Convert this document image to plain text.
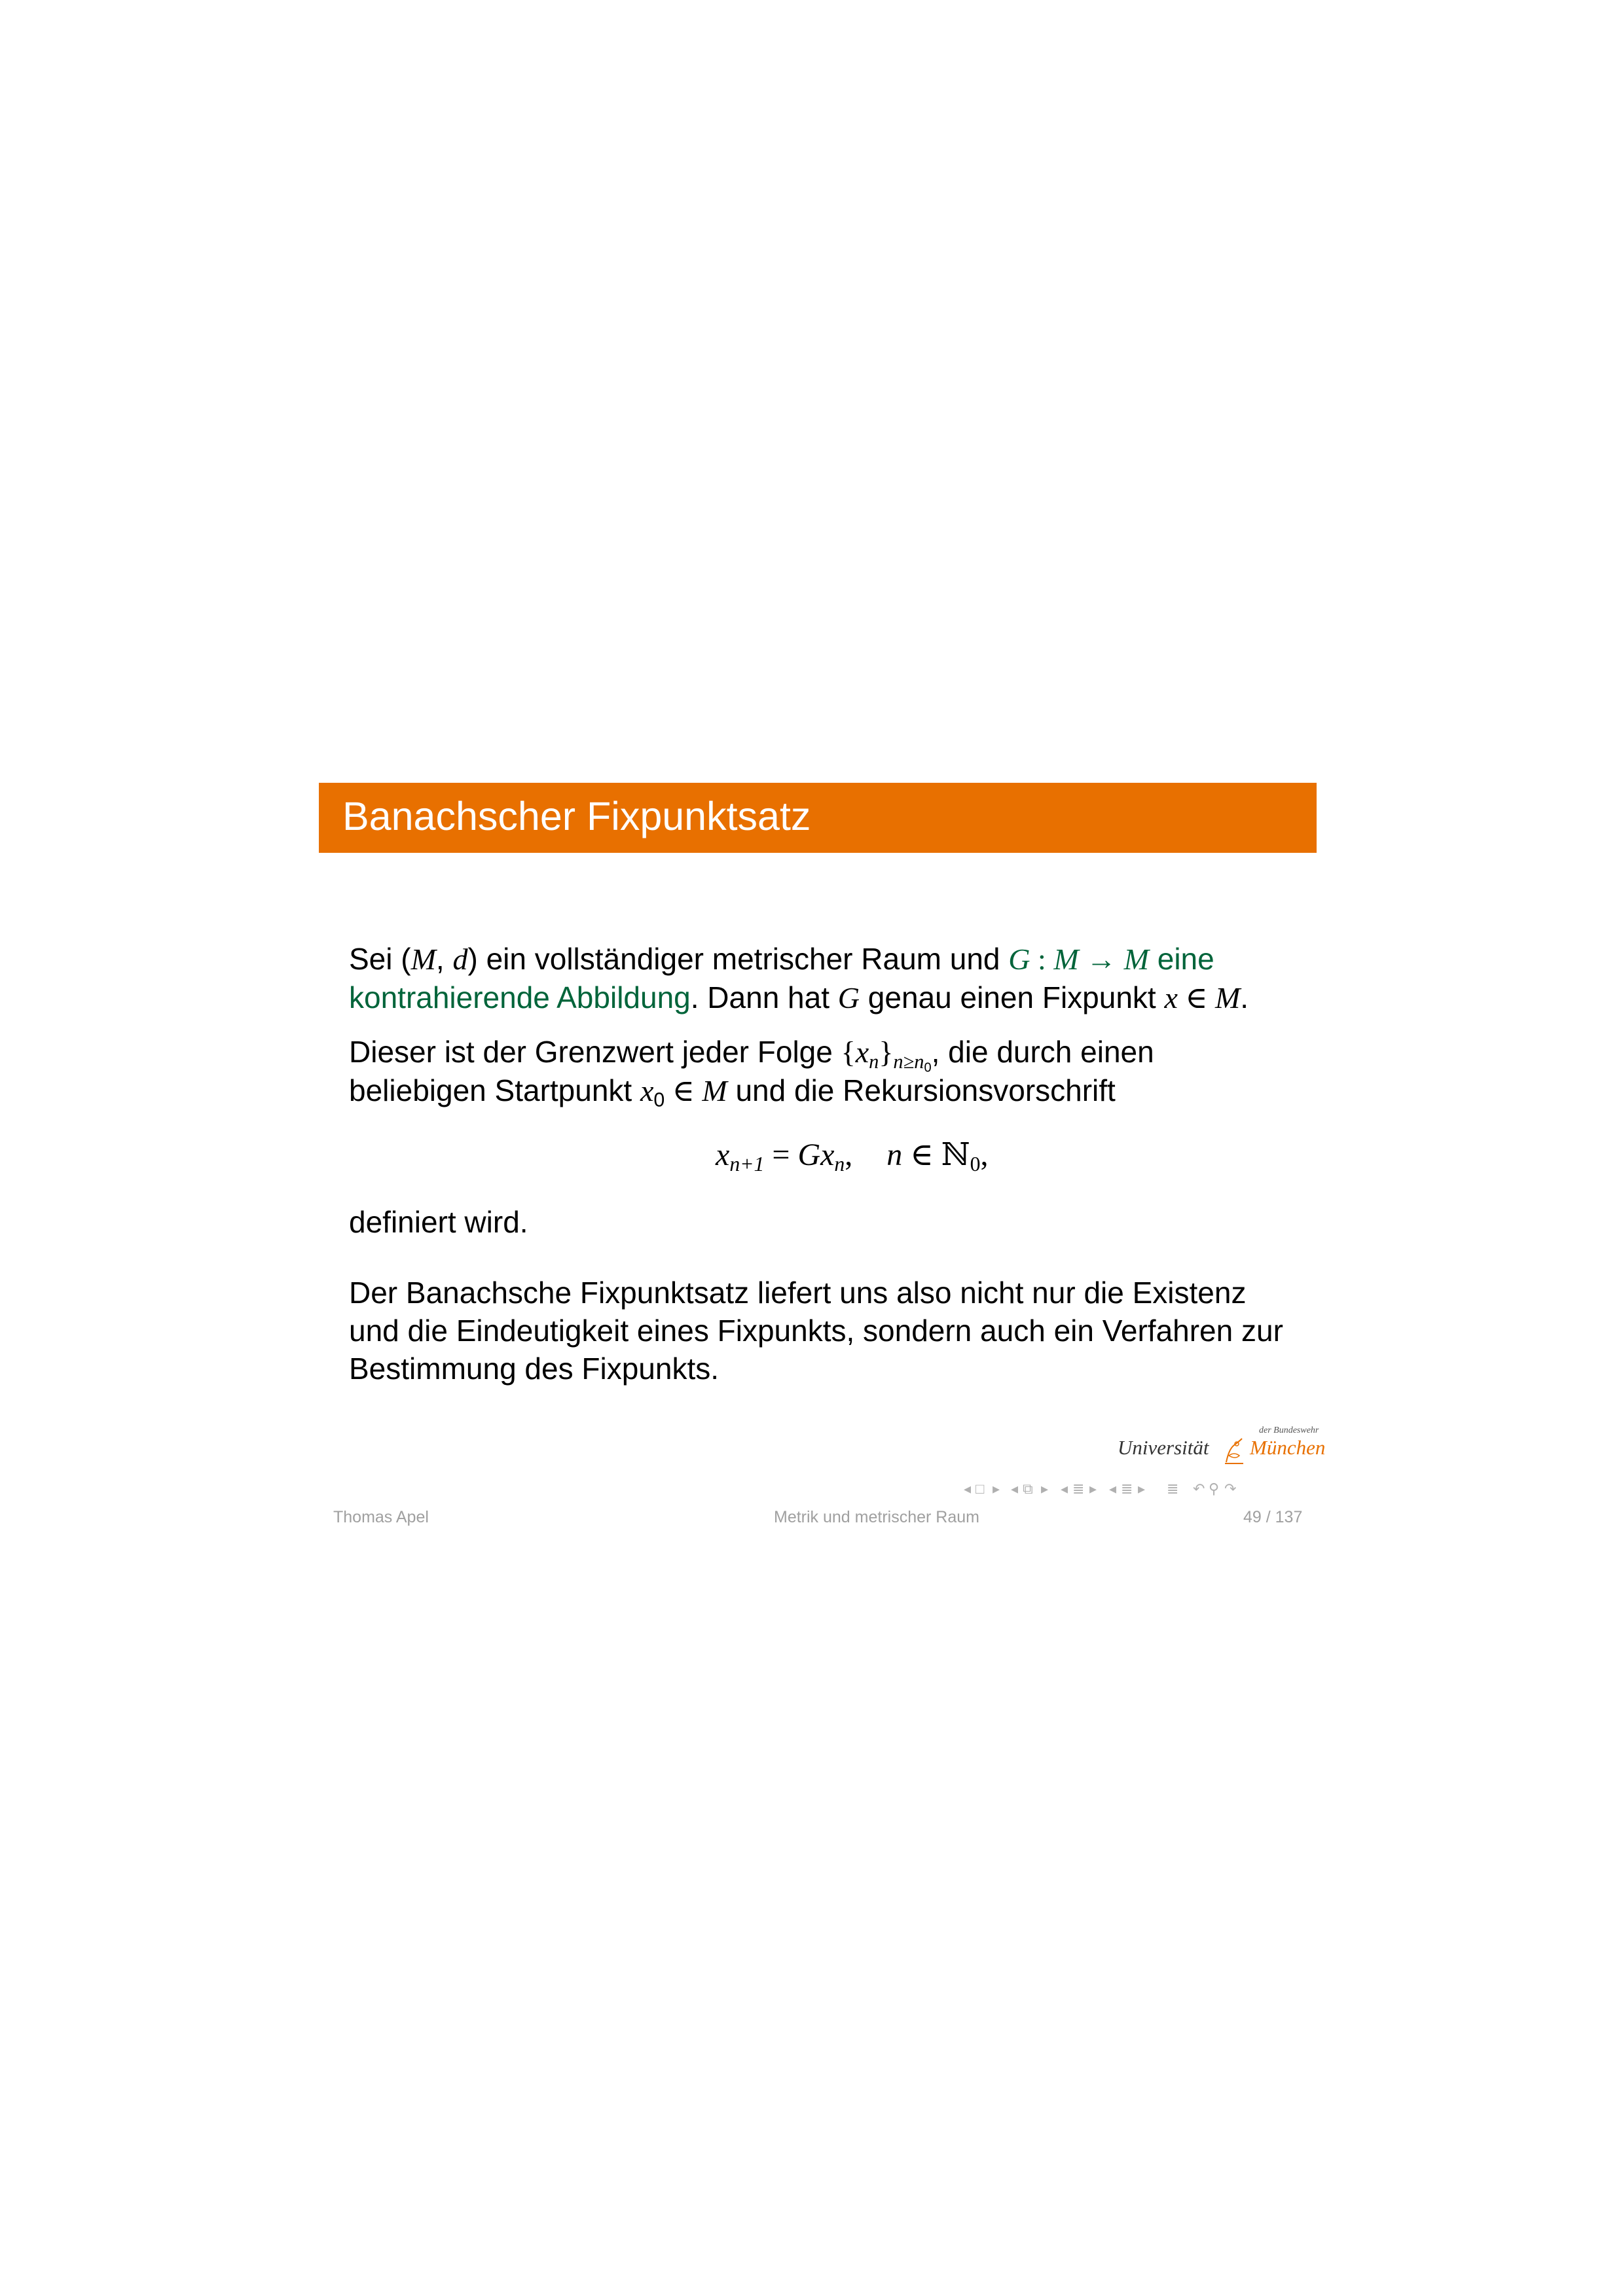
Banachscher Fixpunktsatz
Sei (M, d) ein vollständiger metrischer Raum und G : M → M eine
kontrahierende Abbildung. Dann hat G genau einen Fixpunkt x ∈ M.
Dieser ist der Grenzwert jeder Folge $\{x_n\}_{n\ge n_0}$, die durch einen
beliebigen Startpunkt $x_0$ ∈ M und die Rekursionsvorschrift
$x_{n+1} = Gx_n$, n ∈ ℕ$_0$,
definiert wird.
Der Banachsche Fixpunktsatz liefert uns also nicht nur die Existenz
und die Eindeutigkeit eines Fixpunkts, sondern auch ein Verfahren zur
Bestimmung des Fixpunkts.
der Bundeswehr
Universität München
◂ □ ▸ ◂ ⧉ ▸ ◂ ≣ ▸ ◂ ≣ ▸ ≣ ↶ ⚲ ↷
Thomas Apel	Metrik und metrischer Raum	49 / 137
